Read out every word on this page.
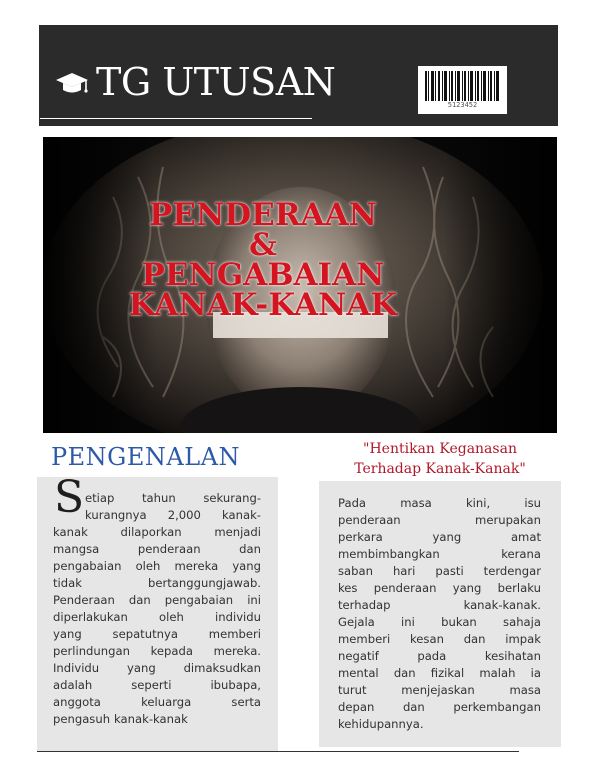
TG UTUSAN
5123452
PENDERAAN
&
PENGABAIAN
KANAK-KANAK
PENGENALAN	"Hentikan Keganasan
Terhadap Kanak-Kanak"
S etiap tahun sekurang-
kurangnya 2,000 kanak-
kanak	dilaporkan	menjadi
mangsa	penderaan	dan
pengabaian oleh mereka yang
tidak	bertanggungjawab.
Penderaan dan pengabaian ini
diperlakukan	oleh	individu
yang	sepatutnya	memberi
perlindungan kepada mereka.
Individu yang dimaksudkan
adalah	seperti	ibubapa,
anggota	keluarga	serta
pengasuh kanak-kanak
Pada	masa	kini,	isu
penderaan	merupakan
perkara	yang	amat
membimbangkan	kerana
saban hari pasti terdengar
kes penderaan yang berlaku
terhadap	kanak-kanak.
Gejala ini bukan sahaja
memberi kesan dan impak
negatif	pada	kesihatan
mental dan fizikal malah ia
turut	menjejaskan	masa
depan dan perkembangan
kehidupannya.
